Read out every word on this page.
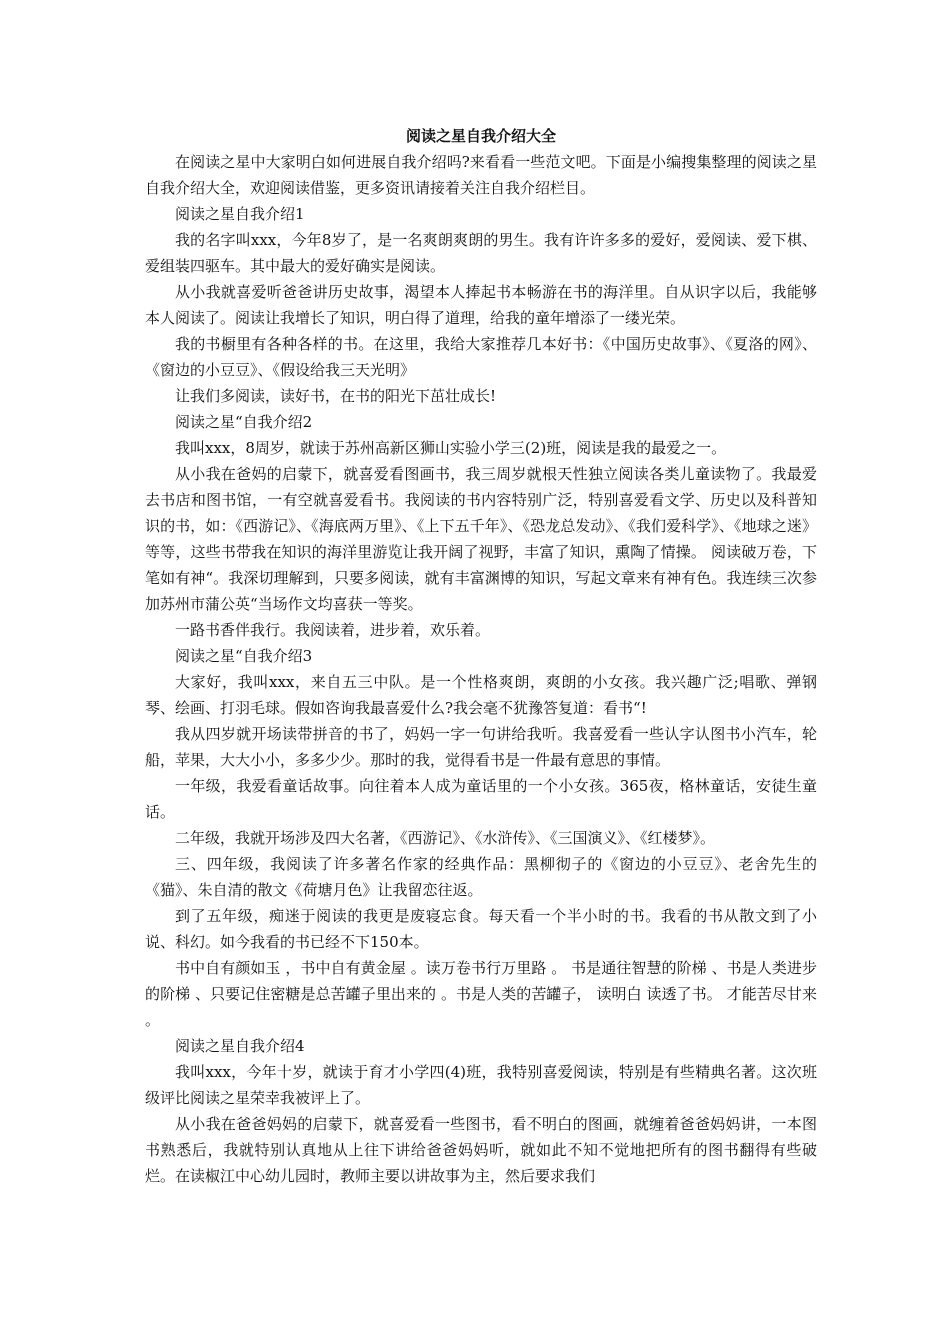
阅读之星自我介绍大全

在阅读之星中大家明白如何进展自我介绍吗?来看看一些范文吧。下面是小编搜集整理的阅读之星自我介绍大全，欢迎阅读借鉴，更多资讯请接着关注自我介绍栏目。

阅读之星自我介绍1

我的名字叫xxx，今年8岁了，是一名爽朗爽朗的男生。我有许许多多的爱好，爱阅读、爱下棋、爱组装四驱车。其中最大的爱好确实是阅读。

从小我就喜爱听爸爸讲历史故事，渴望本人捧起书本畅游在书的海洋里。自从识字以后，我能够本人阅读了。阅读让我增长了知识，明白得了道理，给我的童年增添了一缕光荣。

我的书橱里有各种各样的书。在这里，我给大家推荐几本好书：《中国历史故事》、《夏洛的网》、《窗边的小豆豆》、《假设给我三天光明》

让我们多阅读，读好书，在书的阳光下茁壮成长!

阅读之星“自我介绍2

我叫xxx，8周岁，就读于苏州高新区狮山实验小学三(2)班，阅读是我的最爱之一。

从小我在爸妈的启蒙下，就喜爱看图画书，我三周岁就根天性独立阅读各类儿童读物了。我最爱去书店和图书馆，一有空就喜爱看书。我阅读的书内容特别广泛，特别喜爱看文学、历史以及科普知识的书，如：《西游记》、《海底两万里》、《上下五千年》、《恐龙总发动》、《我们爱科学》、《地球之迷》等等，这些书带我在知识的海洋里游览让我开阔了视野，丰富了知识，熏陶了情操。 阅读破万卷，下笔如有神“。我深切理解到，只要多阅读，就有丰富渊博的知识，写起文章来有神有色。我连续三次参加苏州市蒲公英“当场作文均喜获一等奖。

一路书香伴我行。我阅读着，进步着，欢乐着。

阅读之星“自我介绍3

大家好，我叫xxx，来自五三中队。是一个性格爽朗，爽朗的小女孩。我兴趣广泛;唱歌、弹钢琴、绘画、打羽毛球。假如咨询我最喜爱什么?我会毫不犹豫答复道：看书“!

我从四岁就开场读带拼音的书了，妈妈一字一句讲给我听。我喜爱看一些认字认图书小汽车，轮船，苹果，大大小小，多多少少。那时的我，觉得看书是一件最有意思的事情。

一年级，我爱看童话故事。向往着本人成为童话里的一个小女孩。365夜，格林童话，安徒生童话。

二年级，我就开场涉及四大名著，《西游记》、《水浒传》、《三国演义》、《红楼梦》。

三、四年级，我阅读了许多著名作家的经典作品：黑柳彻子的《窗边的小豆豆》、老舍先生的《猫》、朱自清的散文《荷塘月色》让我留恋往返。

到了五年级，痴迷于阅读的我更是废寝忘食。每天看一个半小时的书。我看的书从散文到了小说、科幻。如今我看的书已经不下150本。

书中自有颜如玉 ，书中自有黄金屋 。读万卷书行万里路 。 书是通往智慧的阶梯 、书是人类进步的阶梯 、只要记住密糖是总苦罐子里出来的 。书是人类的苦罐子， 读明白 读透了书。 才能苦尽甘来 。

阅读之星自我介绍4

我叫xxx，今年十岁，就读于育才小学四(4)班，我特别喜爱阅读，特别是有些精典名著。这次班级评比阅读之星荣幸我被评上了。

从小我在爸爸妈妈的启蒙下，就喜爱看一些图书，看不明白的图画，就缠着爸爸妈妈讲，一本图书熟悉后，我就特别认真地从上往下讲给爸爸妈妈听，就如此不知不觉地把所有的图书翻得有些破烂。在读椒江中心幼儿园时，教师主要以讲故事为主，然后要求我们
